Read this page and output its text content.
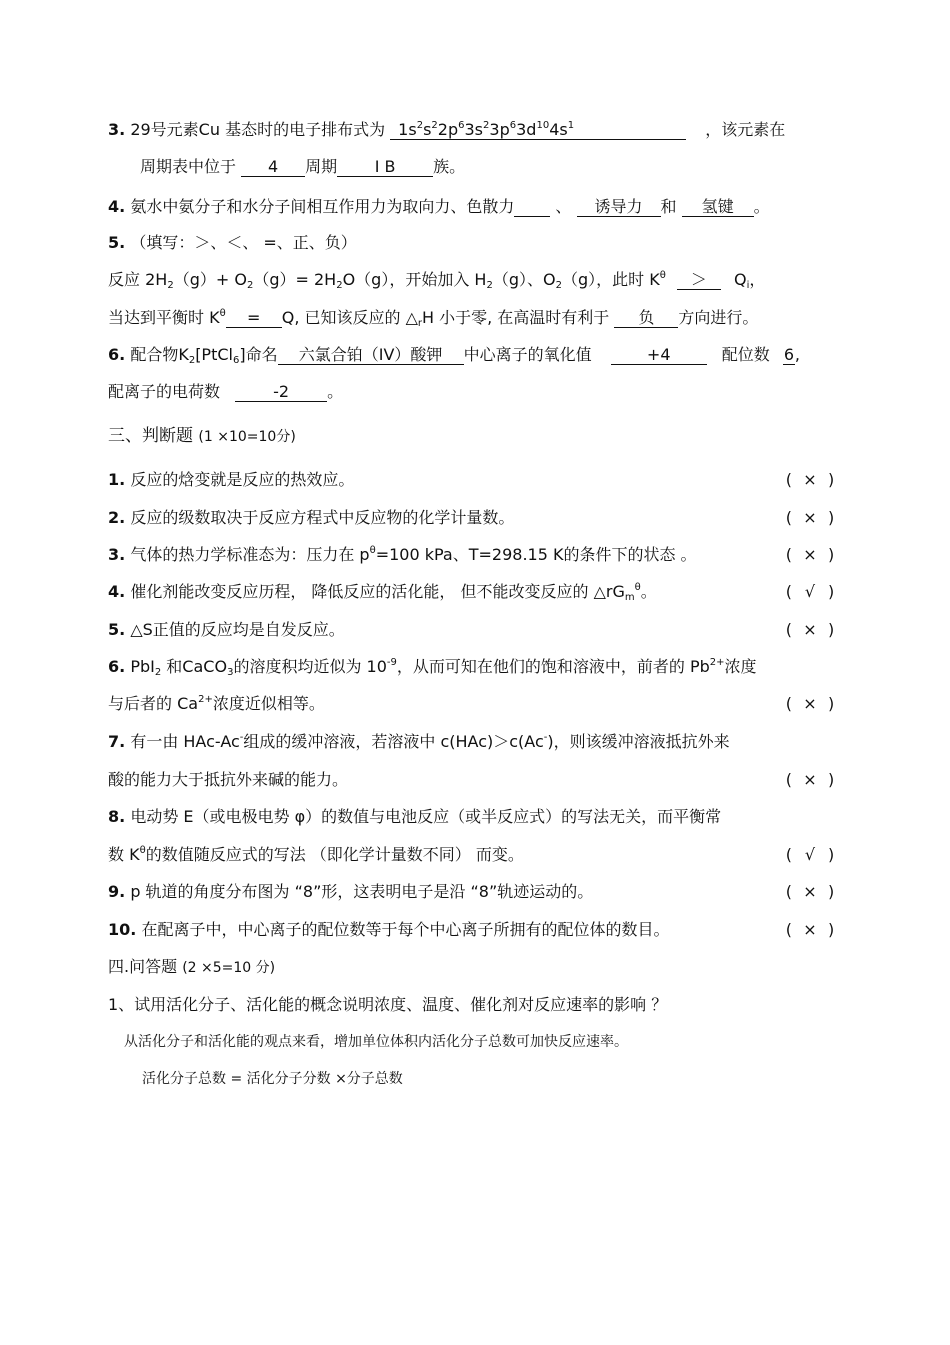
3. 29号元素Cu 基态时的电子排布式为 $1s^2s^22p^63s^23p^63d^{10}4s^1$	，该元素在
周期表中位于 4 周期 I B 族。
4. 氨水中氨分子和水分子间相互作用力为取向力、色散力	、 诱导力 和 氢键 。
5. （填写：＞、＜、 =、正、负）
反应 $2H_2(g)+ O_2(g)= 2H_2O(g)$，开始加入 $H_2(g)$、$O_2(g)$，此时 $K^\theta > Q_i$，
当达到平衡时 $K^\theta = Q$, 已知该反应的 $\triangle_rH$ 小于零, 在高温时有利于 负 方向进行。
6. 配合物$K_2[PtCl_6]$命名 六氯合铂（IV）酸钾 中心离子的氧化值	+4	配位数 6,
配离子的电荷数	-2 。
三、判断题 (1 ×10=10分)
1. 反应的焓变就是反应的热效应。	( × )
2. 反应的级数取决于反应方程式中反应物的化学计量数。	( × )
3. 气体的热力学标准态为：压力在 $p^\theta=100$ kPa、T=298.15 K的条件下的状态 。	( × )
4. 催化剂能改变反应历程， 降低反应的活化能， 但不能改变反应的 $\triangle rG_m^\theta$。	( √ )
5. △S正值的反应均是自发反应。	( × )
6. PbI$_2$ 和CaCO$_3$的溶度积均近似为 $10^{-9}$，从而可知在他们的饱和溶液中，前者的 $Pb^{2+}$浓度
与后者的 $Ca^{2+}$浓度近似相等。	( × )
7. 有一由 HAc-Ac-组成的缓冲溶液，若溶液中 c(HAc)＞c(Ac-)，则该缓冲溶液抵抗外来
酸的能力大于抵抗外来碱的能力。	( × )
8. 电动势 E（或电极电势 φ）的数值与电池反应（或半反应式）的写法无关，而平衡常
数 $K^\theta$的数值随反应式的写法 （即化学计量数不同） 而变。	( √ )
9. p 轨道的角度分布图为 “8”形，这表明电子是沿 “8”轨迹运动的。	( × )
10. 在配离子中，中心离子的配位数等于每个中心离子所拥有的配位体的数目。	( × )
四.问答题 (2 ×5=10 分)
1、试用活化分子、活化能的概念说明浓度、温度、催化剂对反应速率的影响 ？
从活化分子和活化能的观点来看，增加单位体积内活化分子总数可加快反应速率。
活化分子总数 = 活化分子分数 ×分子总数
